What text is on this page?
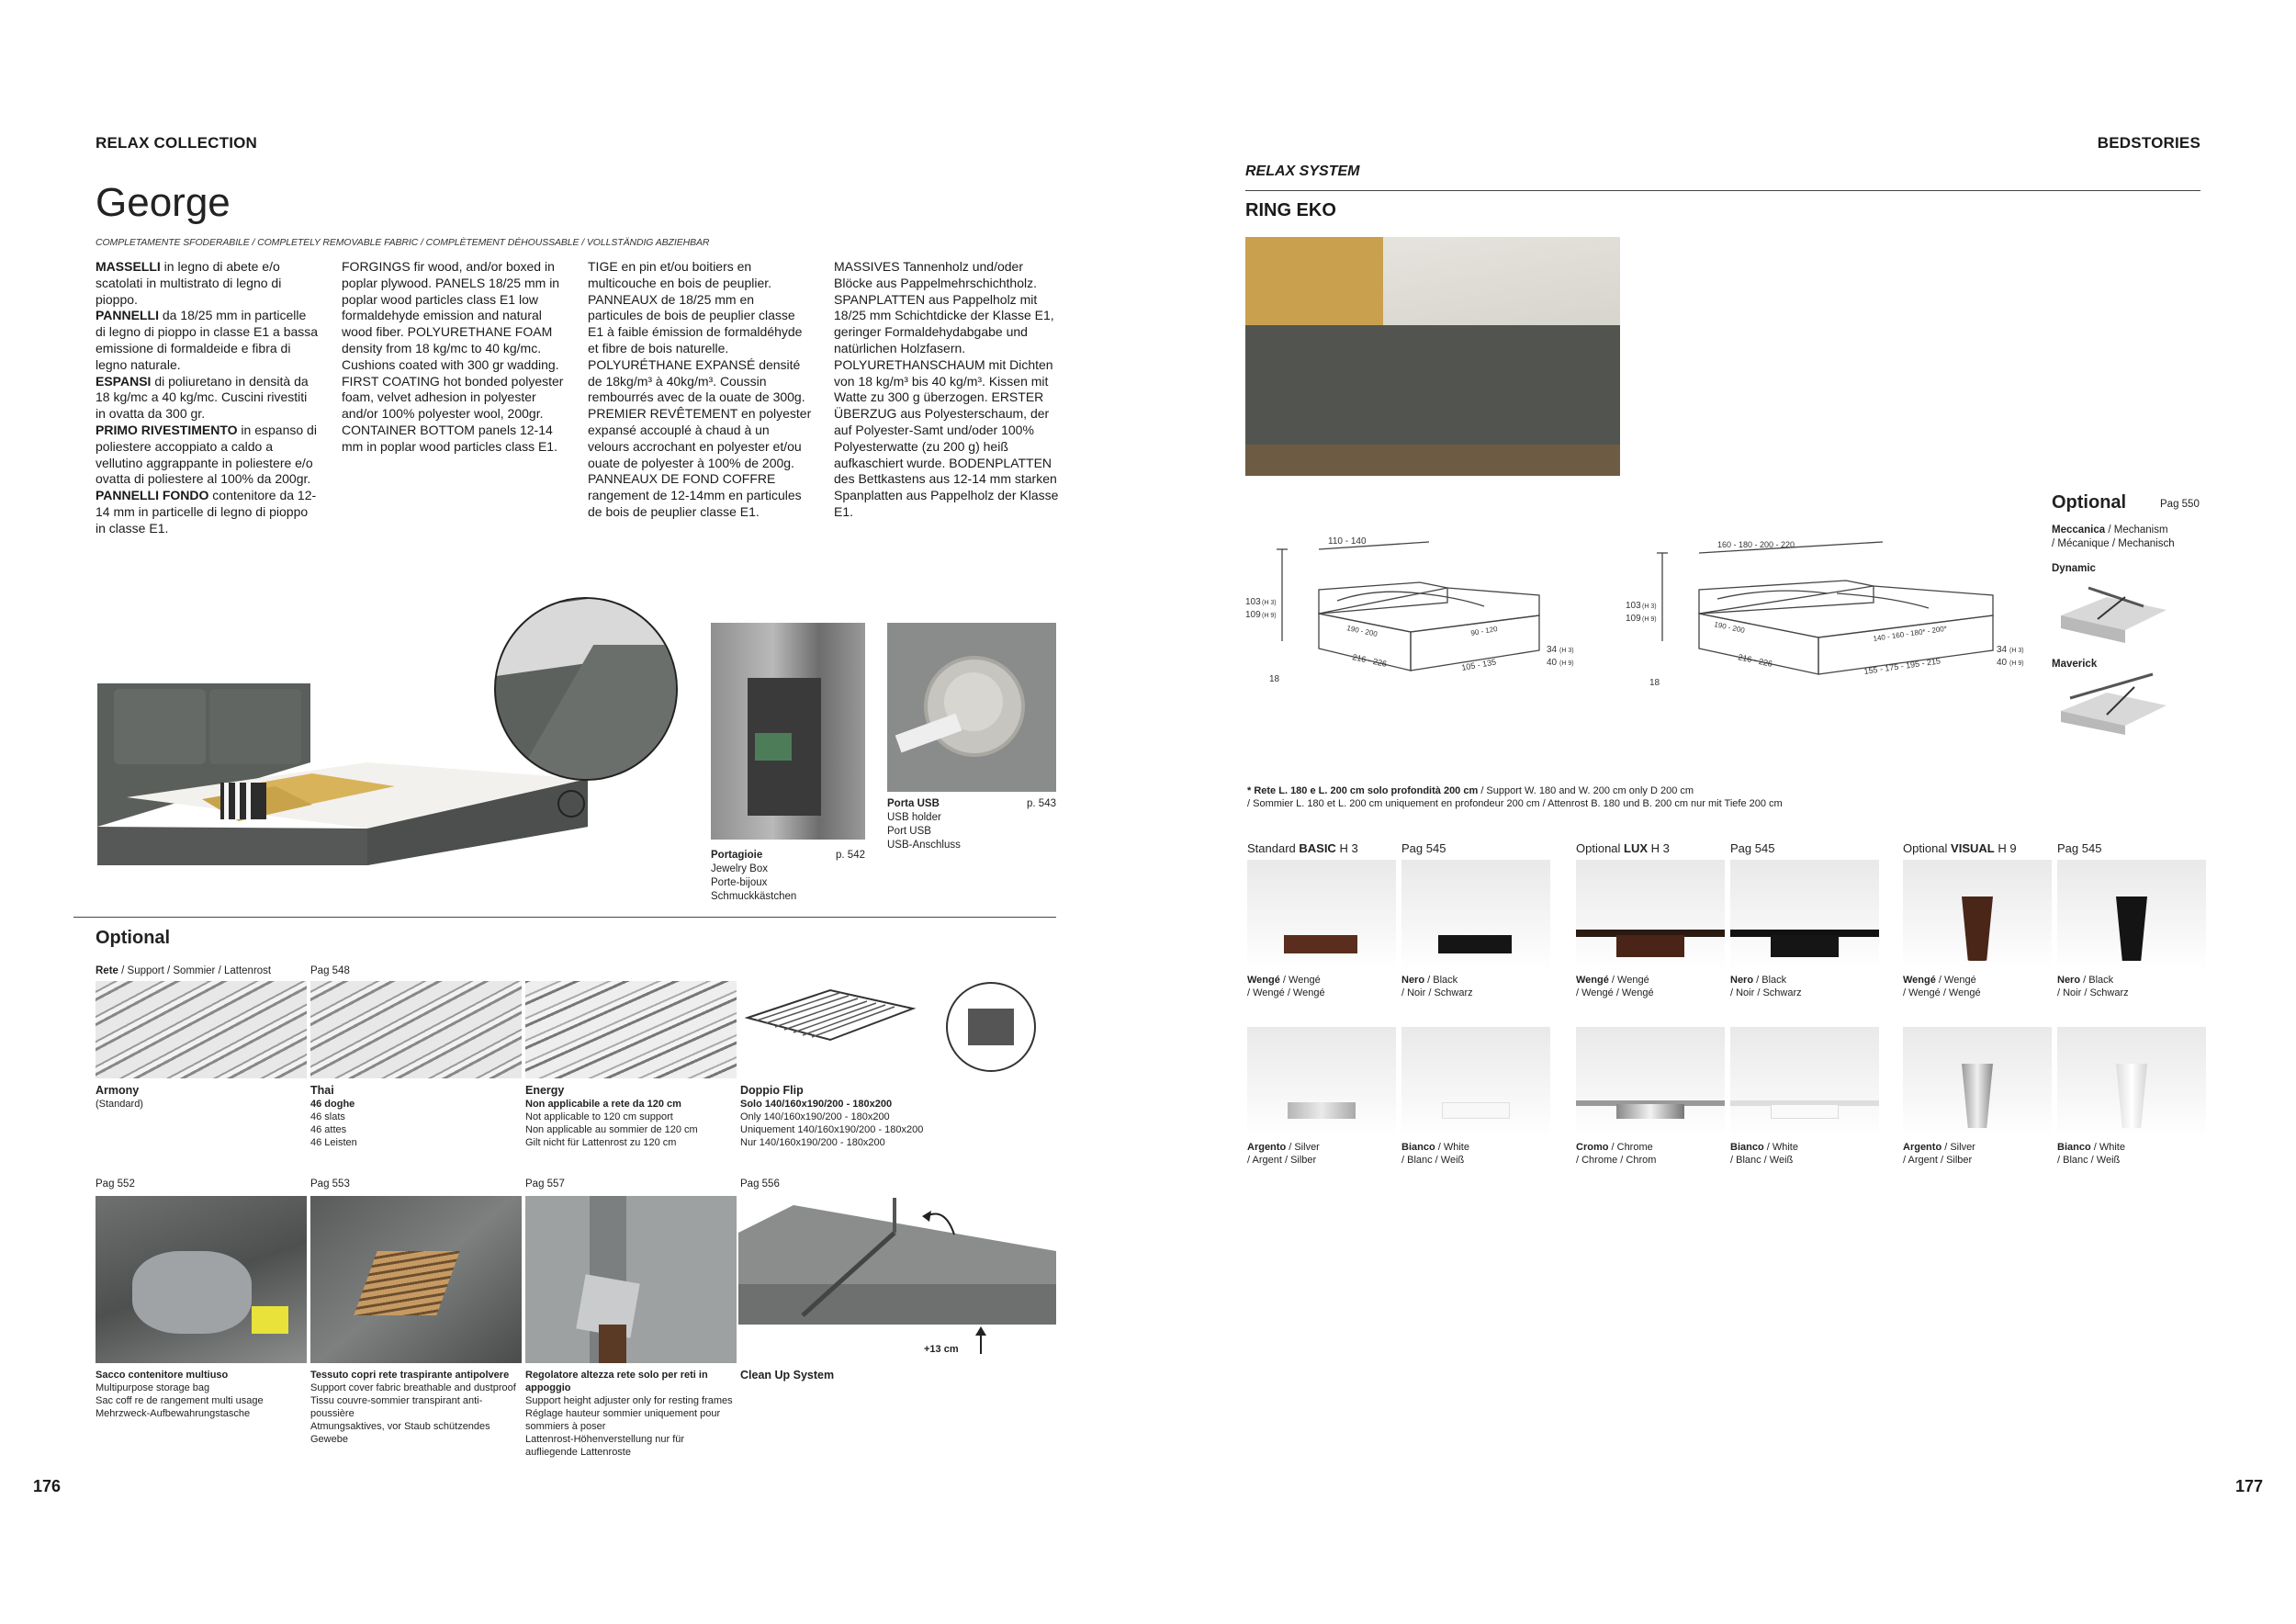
RELAX COLLECTION
George
COMPLETAMENTE SFODERABILE / COMPLETELY REMOVABLE FABRIC / COMPLÈTEMENT DÉHOUSSABLE / VOLLSTÄNDIG ABZIEHBAR
MASSELLI in legno di abete e/o scatolati in multistrato di legno di pioppo.
PANNELLI da 18/25 mm in particelle di legno di pioppo in classe E1 a bassa emissione di formaldeide e fibra di legno naturale.
ESPANSI di poliuretano in densità da 18 kg/mc a 40 kg/mc. Cuscini rivestiti in ovatta da 300 gr.
PRIMO RIVESTIMENTO in espanso di poliestere accoppiato a caldo a vellutino aggrappante in poliestere e/o ovatta di poliestere al 100% da 200gr.
PANNELLI FONDO contenitore da 12-14 mm in particelle di legno di pioppo in classe E1.
FORGINGS fir wood, and/or boxed in poplar plywood. PANELS 18/25 mm in poplar wood particles class E1 low formaldehyde emission and natural wood fiber. POLYURETHANE FOAM density from 18 kg/mc to 40 kg/mc. Cushions coated with 300 gr wadding. FIRST COATING hot bonded polyester foam, velvet adhesion in polyester and/or 100% polyester wool, 200gr. CONTAINER BOTTOM panels 12-14 mm in poplar wood particles class E1.
TIGE en pin et/ou boitiers en multicouche en bois de peuplier. PANNEAUX de 18/25 mm en particules de bois de peuplier classe E1 à faible émission de formaldéhyde et fibre de bois naturelle. POLYURÉTHANE EXPANSÉ densité de 18kg/m³ à 40kg/m³. Coussin rembourrés avec de la ouate de 300g. PREMIER REVÊTEMENT en polyester expansé accouplé à chaud à un velours accrochant en polyester et/ou ouate de polyester à 100% de 200g. PANNEAUX DE FOND COFFRE rangement de 12-14mm en particules de bois de peuplier classe E1.
MASSIVES Tannenholz und/oder Blöcke aus Pappelmehrschichtholz. SPANPLATTEN aus Pappelholz mit 18/25 mm Schichtdicke der Klasse E1, geringer Formaldehydabgabe und natürlichen Holzfasern. POLYURETHANSCHAUM mit Dichten von 18 kg/m³ bis 40 kg/m³. Kissen mit Watte zu 300 g überzogen. ERSTER ÜBERZUG aus Polyesterschaum, der auf Polyester-Samt und/oder 100% Polyesterwatte (zu 200 g) heiß aufkaschiert wurde. BODENPLATTEN des Bettkastens aus 12-14 mm starken Spanplatten aus Pappelholz der Klasse E1.
Portagioie	p. 542

Jewelry Box
Porte-bijoux
Schmuckkästchen
Porta USB	p. 543

USB holder
Port USB
USB-Anschluss
Optional
Rete / Support / Sommier / Lattenrost	Pag 548
Armony
(Standard)
Thai
46 doghe
46 slats
46 attes
46 Leisten
Energy
Non applicabile a rete da 120 cm
Not applicable to 120 cm support
Non applicable au sommier de 120 cm
Gilt nicht für Lattenrost zu 120 cm
Doppio Flip
Solo 140/160x190/200 - 180x200
Only 140/160x190/200 - 180x200
Uniquement 140/160x190/200 - 180x200
Nur 140/160x190/200 - 180x200
Pag 552	Pag 553	Pag 557	Pag 556
+13 cm
Sacco contenitore multiuso
Multipurpose storage bag
Sac coff re de rangement multi usage
Mehrzweck-Aufbewahrungstasche
Tessuto copri rete traspirante antipolvere
Support cover fabric breathable and dustproof
Tissu couvre-sommier transpirant anti-poussière
Atmungsaktives, vor Staub schützendes Gewebe
Regolatore altezza rete solo per reti in appoggio
Support height adjuster only for resting frames
Réglage hauteur sommier uniquement pour sommiers à poser
Lattenrost-Höhenverstellung nur für aufliegende Lattenroste
Clean Up System
176
BEDSTORIES
RELAX SYSTEM
RING EKO
Optional	Pag 550
Meccanica / Mechanism
/ Mécanique / Mechanisch
Dynamic
Maverick
110 - 140
103 (H 3)
109 (H 9)
190 - 200	90 - 120
216 - 226	105 - 135
34 (H 3)
40 (H 9)
18
160 - 180 - 200 - 220
103 (H 3)
109 (H 9)
190 - 200	140 - 160 - 180* - 200*
216 - 226	155 - 175 - 195 - 215
34 (H 3)
40 (H 9)
18
* Rete L. 180 e L. 200 cm solo profondità 200 cm / Support W. 180 and W. 200 cm only D 200 cm
/ Sommier L. 180 et L. 200 cm uniquement en profondeur 200 cm / Attenrost B. 180 und B. 200 cm nur mit Tiefe 200 cm
Standard BASIC H 3	Pag 545	Optional LUX H 3	Pag 545	Optional VISUAL H 9	Pag 545
Wengé / Wengé
/ Wengé / Wengé
Nero / Black
/ Noir / Schwarz
Wengé / Wengé
/ Wengé / Wengé
Nero / Black
/ Noir / Schwarz
Wengé / Wengé
/ Wengé / Wengé
Nero / Black
/ Noir / Schwarz
Argento / Silver
/ Argent / Silber
Bianco / White
/ Blanc / Weiß
Cromo / Chrome
/ Chrome / Chrom
Bianco / White
/ Blanc / Weiß
Argento / Silver
/ Argent / Silber
Bianco / White
/ Blanc / Weiß
177
